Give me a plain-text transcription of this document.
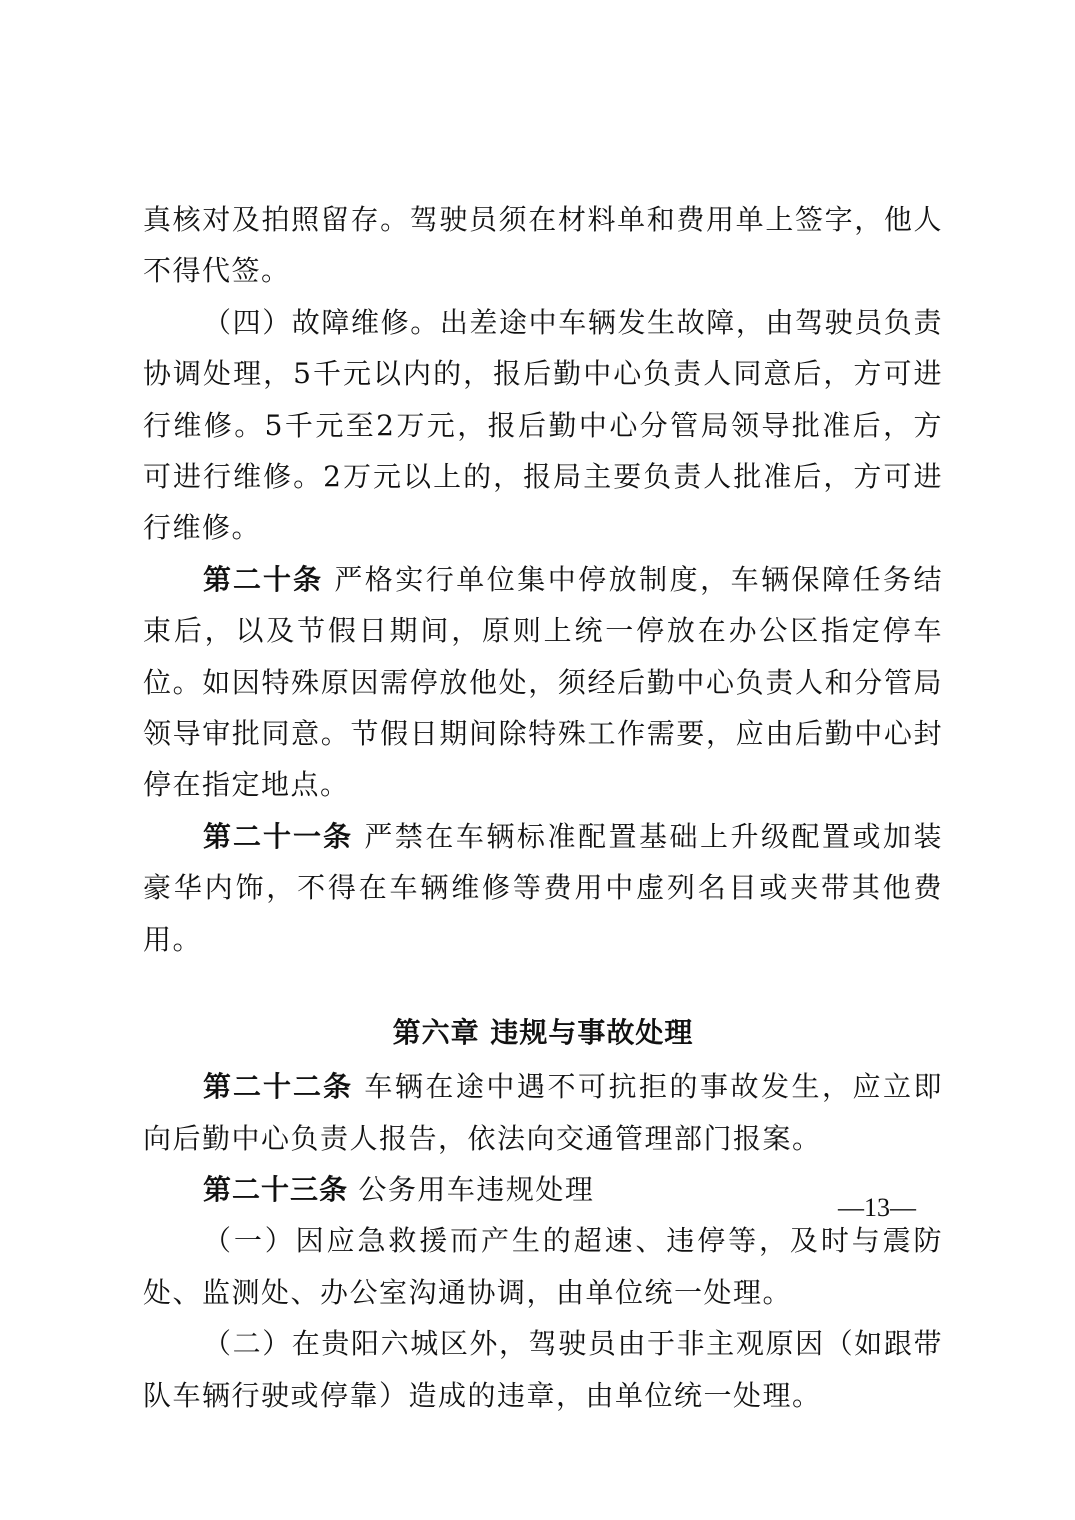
真核对及拍照留存。驾驶员须在材料单和费用单上签字，他人不得代签。

（四）故障维修。出差途中车辆发生故障，由驾驶员负责协调处理，5千元以内的，报后勤中心负责人同意后，方可进行维修。5千元至2万元，报后勤中心分管局领导批准后，方可进行维修。2万元以上的，报局主要负责人批准后，方可进行维修。

第二十条 严格实行单位集中停放制度，车辆保障任务结束后，以及节假日期间，原则上统一停放在办公区指定停车位。如因特殊原因需停放他处，须经后勤中心负责人和分管局领导审批同意。节假日期间除特殊工作需要，应由后勤中心封停在指定地点。

第二十一条 严禁在车辆标准配置基础上升级配置或加装豪华内饰，不得在车辆维修等费用中虚列名目或夹带其他费用。

第六章 违规与事故处理

第二十二条 车辆在途中遇不可抗拒的事故发生，应立即向后勤中心负责人报告，依法向交通管理部门报案。

第二十三条 公务用车违规处理

（一）因应急救援而产生的超速、违停等，及时与震防处、监测处、办公室沟通协调，由单位统一处理。

（二）在贵阳六城区外，驾驶员由于非主观原因（如跟带队车辆行驶或停靠）造成的违章，由单位统一处理。

—13—
